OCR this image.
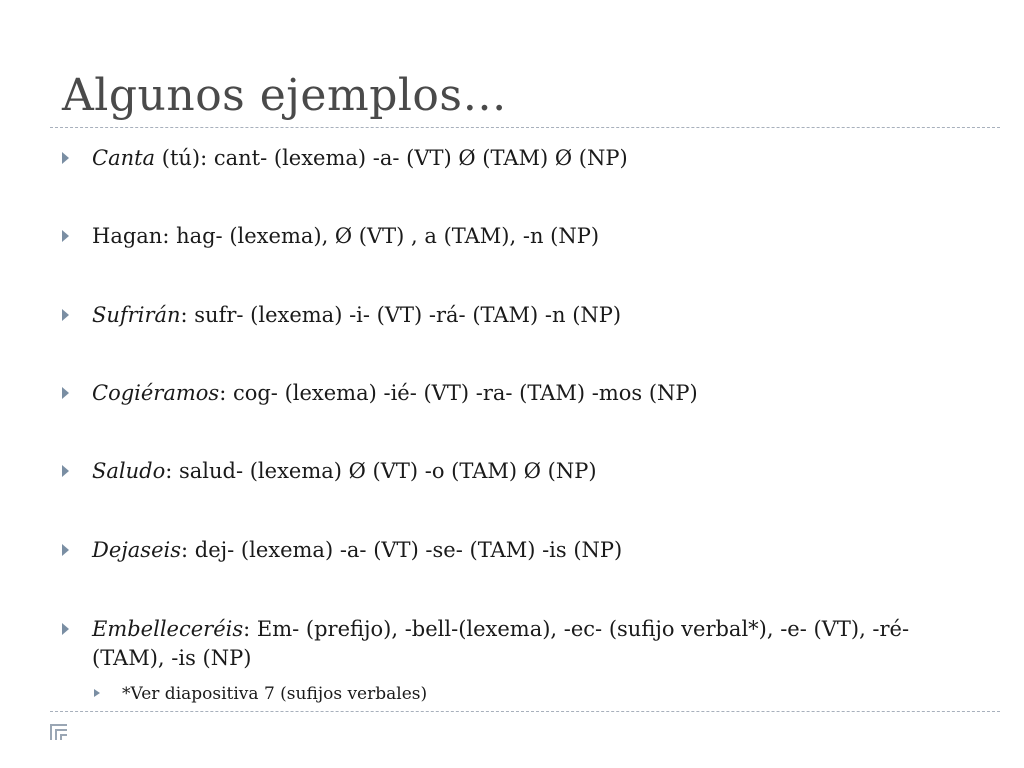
Algunos ejemplos…
Canta (tú): cant- (lexema) -a- (VT) Ø (TAM) Ø (NP)
Hagan: hag- (lexema), Ø (VT) , a (TAM), -n (NP)
Sufrirán: sufr- (lexema) -i- (VT) -rá- (TAM) -n (NP)
Cogiéramos: cog- (lexema) -ié- (VT) -ra- (TAM) -mos (NP)
Saludo: salud- (lexema) Ø (VT) -o (TAM) Ø (NP)
Dejaseis: dej- (lexema) -a- (VT) -se- (TAM) -is (NP)
Embelleceréis: Em- (prefijo), -bell-(lexema), -ec- (sufijo verbal*), -e- (VT), -ré- (TAM), -is (NP)
*Ver diapositiva 7 (sufijos verbales)
